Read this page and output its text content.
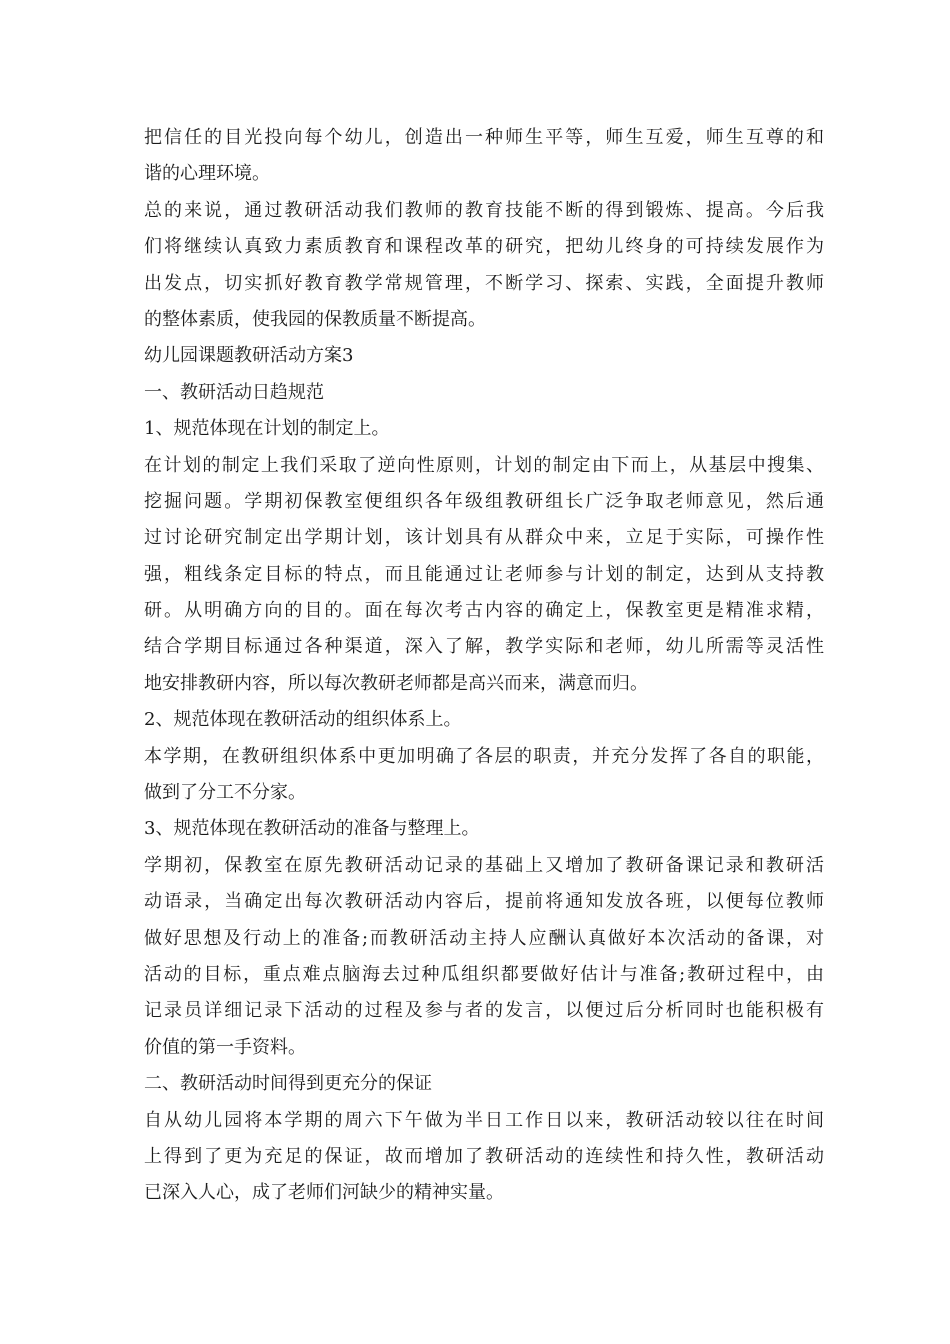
把信任的目光投向每个幼儿，创造出一种师生平等，师生互爱，师生互尊的和
谐的心理环境。
总的来说，通过教研活动我们教师的教育技能不断的得到锻炼、提高。今后我
们将继续认真致力素质教育和课程改革的研究，把幼儿终身的可持续发展作为
出发点，切实抓好教育教学常规管理，不断学习、探索、实践，全面提升教师
的整体素质，使我园的保教质量不断提高。
幼儿园课题教研活动方案3
一、教研活动日趋规范
1、规范体现在计划的制定上。
在计划的制定上我们采取了逆向性原则，计划的制定由下而上，从基层中搜集、
挖掘问题。学期初保教室便组织各年级组教研组长广泛争取老师意见，然后通
过讨论研究制定出学期计划，该计划具有从群众中来，立足于实际，可操作性
强，粗线条定目标的特点，而且能通过让老师参与计划的制定，达到从支持教
研。从明确方向的目的。面在每次考古内容的确定上，保教室更是精准求精，
结合学期目标通过各种渠道，深入了解，教学实际和老师，幼儿所需等灵活性
地安排教研内容，所以每次教研老师都是高兴而来，满意而归。
2、规范体现在教研活动的组织体系上。
本学期，在教研组织体系中更加明确了各层的职责，并充分发挥了各自的职能，
做到了分工不分家。
3、规范体现在教研活动的准备与整理上。
学期初，保教室在原先教研活动记录的基础上又增加了教研备课记录和教研活
动语录，当确定出每次教研活动内容后，提前将通知发放各班，以便每位教师
做好思想及行动上的准备;而教研活动主持人应酬认真做好本次活动的备课，对
活动的目标，重点难点脑海去过种瓜组织都要做好估计与准备;教研过程中，由
记录员详细记录下活动的过程及参与者的发言，以便过后分析同时也能积极有
价值的第一手资料。
二、教研活动时间得到更充分的保证
自从幼儿园将本学期的周六下午做为半日工作日以来，教研活动较以往在时间
上得到了更为充足的保证，故而增加了教研活动的连续性和持久性，教研活动
已深入人心，成了老师们河缺少的精神实量。
